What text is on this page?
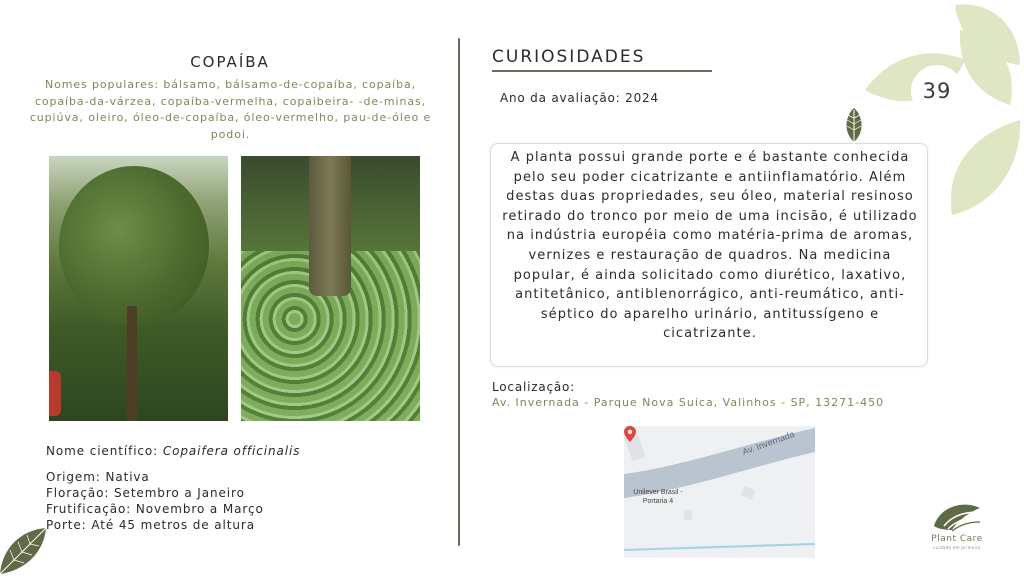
COPAÍBA
Nomes populares: bálsamo, bálsamo-de-copaíba, copaíba, copaíba-da-várzea, copaíba-vermelha, copaibeira- -de-minas, cupiúva, oleiro, óleo-de-copaíba, óleo-vermelho, pau-de-óleo e podoi.
Nome científico: Copaifera officinalis
Origem: Nativa
Floração: Setembro a Janeiro
Frutificação: Novembro a Março
Porte: Até 45 metros de altura
CURIOSIDADES
Ano da avaliação: 2024
A planta possui grande porte e é bastante conhecida pelo seu poder cicatrizante e antiinflamatório. Além destas duas propriedades, seu óleo, material resinoso retirado do tronco por meio de uma incisão, é utilizado na indústria européia como matéria-prima de aromas, vernizes e restauração de quadros. Na medicina popular, é ainda solicitado como diurético, laxativo, antitetânico, antiblenorrágico, anti-reumático, anti-séptico do aparelho urinário, antitussígeno e cicatrizante.
Localização:
Av. Invernada - Parque Nova Suica, Valinhos - SP, 13271-450
Av. Invernada
Unilever Brasil - Portaria 4
39
Plant Care
cuidado em primeiro
